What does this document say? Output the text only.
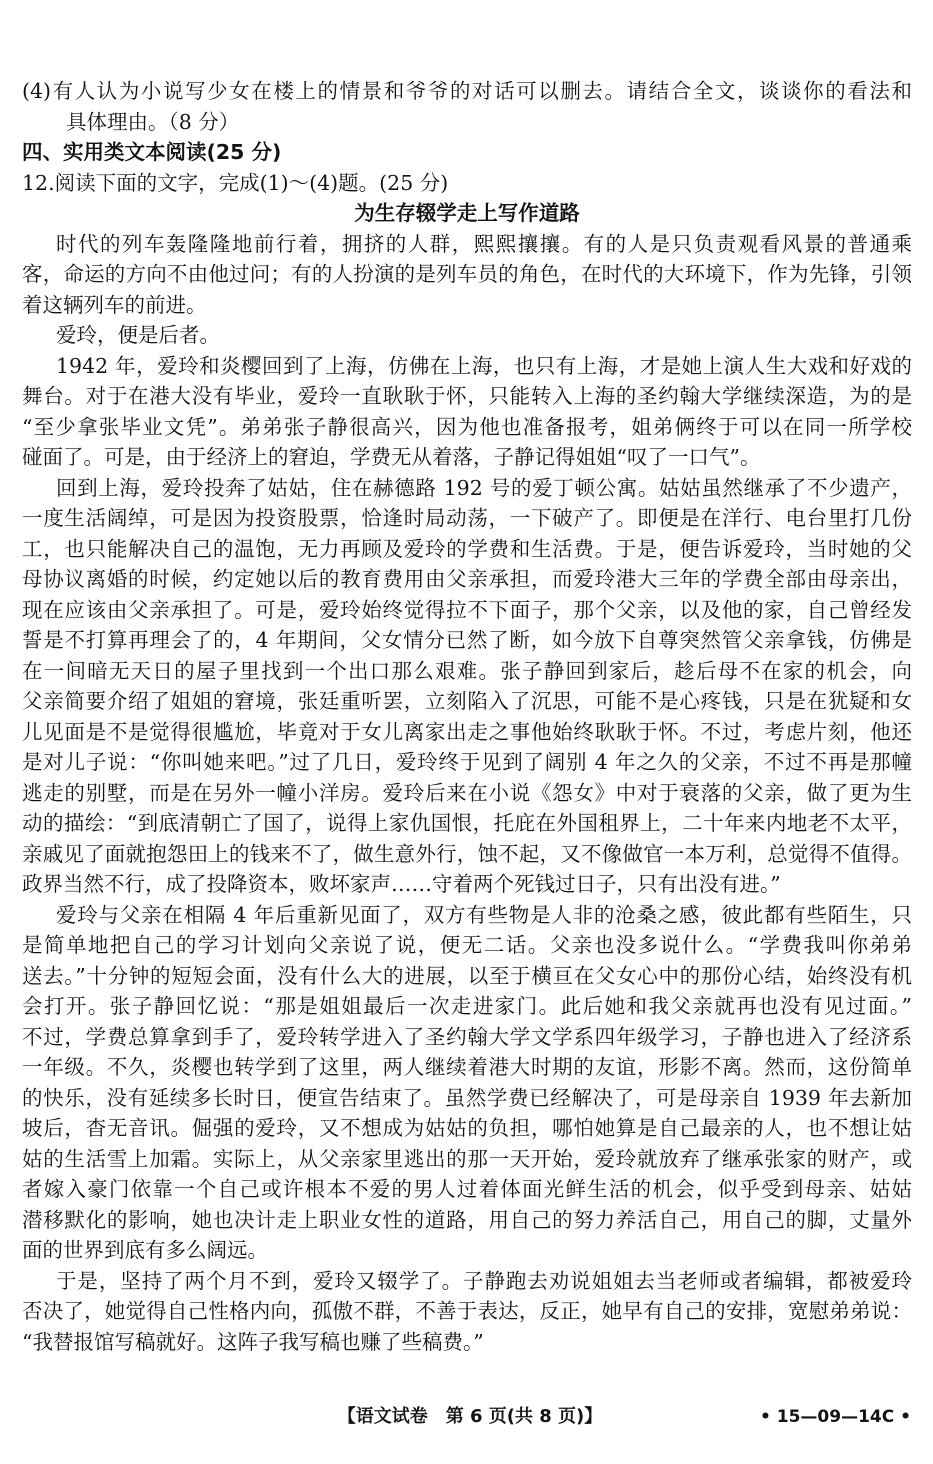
(4)有人认为小说写少女在楼上的情景和爷爷的对话可以删去。请结合全文，谈谈你的看法和
具体理由。（8 分）
四、实用类文本阅读(25 分)
12.阅读下面的文字，完成(1)～(4)题。(25 分)
为生存辍学走上写作道路
时代的列车轰隆隆地前行着，拥挤的人群，熙熙攘攘。有的人是只负责观看风景的普通乘
客，命运的方向不由他过问；有的人扮演的是列车员的角色，在时代的大环境下，作为先锋，引领
着这辆列车的前进。
爱玲，便是后者。
1942 年，爱玲和炎樱回到了上海，仿佛在上海，也只有上海，才是她上演人生大戏和好戏的
舞台。对于在港大没有毕业，爱玲一直耿耿于怀，只能转入上海的圣约翰大学继续深造，为的是
“至少拿张毕业文凭”。弟弟张子静很高兴，因为他也准备报考，姐弟俩终于可以在同一所学校
碰面了。可是，由于经济上的窘迫，学费无从着落，子静记得姐姐“叹了一口气”。
回到上海，爱玲投奔了姑姑，住在赫德路 192 号的爱丁顿公寓。姑姑虽然继承了不少遗产，
一度生活阔绰，可是因为投资股票，恰逢时局动荡，一下破产了。即便是在洋行、电台里打几份
工，也只能解决自己的温饱，无力再顾及爱玲的学费和生活费。于是，便告诉爱玲，当时她的父
母协议离婚的时候，约定她以后的教育费用由父亲承担，而爱玲港大三年的学费全部由母亲出，
现在应该由父亲承担了。可是，爱玲始终觉得拉不下面子，那个父亲，以及他的家，自己曾经发
誓是不打算再理会了的，4 年期间，父女情分已然了断，如今放下自尊突然管父亲拿钱，仿佛是
在一间暗无天日的屋子里找到一个出口那么艰难。张子静回到家后，趁后母不在家的机会，向
父亲简要介绍了姐姐的窘境，张廷重听罢，立刻陷入了沉思，可能不是心疼钱，只是在犹疑和女
儿见面是不是觉得很尴尬，毕竟对于女儿离家出走之事他始终耿耿于怀。不过，考虑片刻，他还
是对儿子说：“你叫她来吧。”过了几日，爱玲终于见到了阔别 4 年之久的父亲，不过不再是那幢
逃走的别墅，而是在另外一幢小洋房。爱玲后来在小说《怨女》中对于衰落的父亲，做了更为生
动的描绘：“到底清朝亡了国了，说得上家仇国恨，托庇在外国租界上，二十年来内地老不太平，
亲戚见了面就抱怨田上的钱来不了，做生意外行，蚀不起，又不像做官一本万利，总觉得不值得。
政界当然不行，成了投降资本，败坏家声……守着两个死钱过日子，只有出没有进。”
爱玲与父亲在相隔 4 年后重新见面了，双方有些物是人非的沧桑之感，彼此都有些陌生，只
是简单地把自己的学习计划向父亲说了说，便无二话。父亲也没多说什么。“学费我叫你弟弟
送去。”十分钟的短短会面，没有什么大的进展，以至于横亘在父女心中的那份心结，始终没有机
会打开。张子静回忆说：“那是姐姐最后一次走进家门。此后她和我父亲就再也没有见过面。”
不过，学费总算拿到手了，爱玲转学进入了圣约翰大学文学系四年级学习，子静也进入了经济系
一年级。不久，炎樱也转学到了这里，两人继续着港大时期的友谊，形影不离。然而，这份简单
的快乐，没有延续多长时日，便宣告结束了。虽然学费已经解决了，可是母亲自 1939 年去新加
坡后，杳无音讯。倔强的爱玲，又不想成为姑姑的负担，哪怕她算是自己最亲的人，也不想让姑
姑的生活雪上加霜。实际上，从父亲家里逃出的那一天开始，爱玲就放弃了继承张家的财产，或
者嫁入豪门依靠一个自己或许根本不爱的男人过着体面光鲜生活的机会，似乎受到母亲、姑姑
潜移默化的影响，她也决计走上职业女性的道路，用自己的努力养活自己，用自己的脚，丈量外
面的世界到底有多么阔远。
于是，坚持了两个月不到，爱玲又辍学了。子静跑去劝说姐姐去当老师或者编辑，都被爱玲
否决了，她觉得自己性格内向，孤傲不群，不善于表达，反正，她早有自己的安排，宽慰弟弟说：
“我替报馆写稿就好。这阵子我写稿也赚了些稿费。”
【语文试卷　第 6 页(共 8 页)】	• 15—09—14C •
